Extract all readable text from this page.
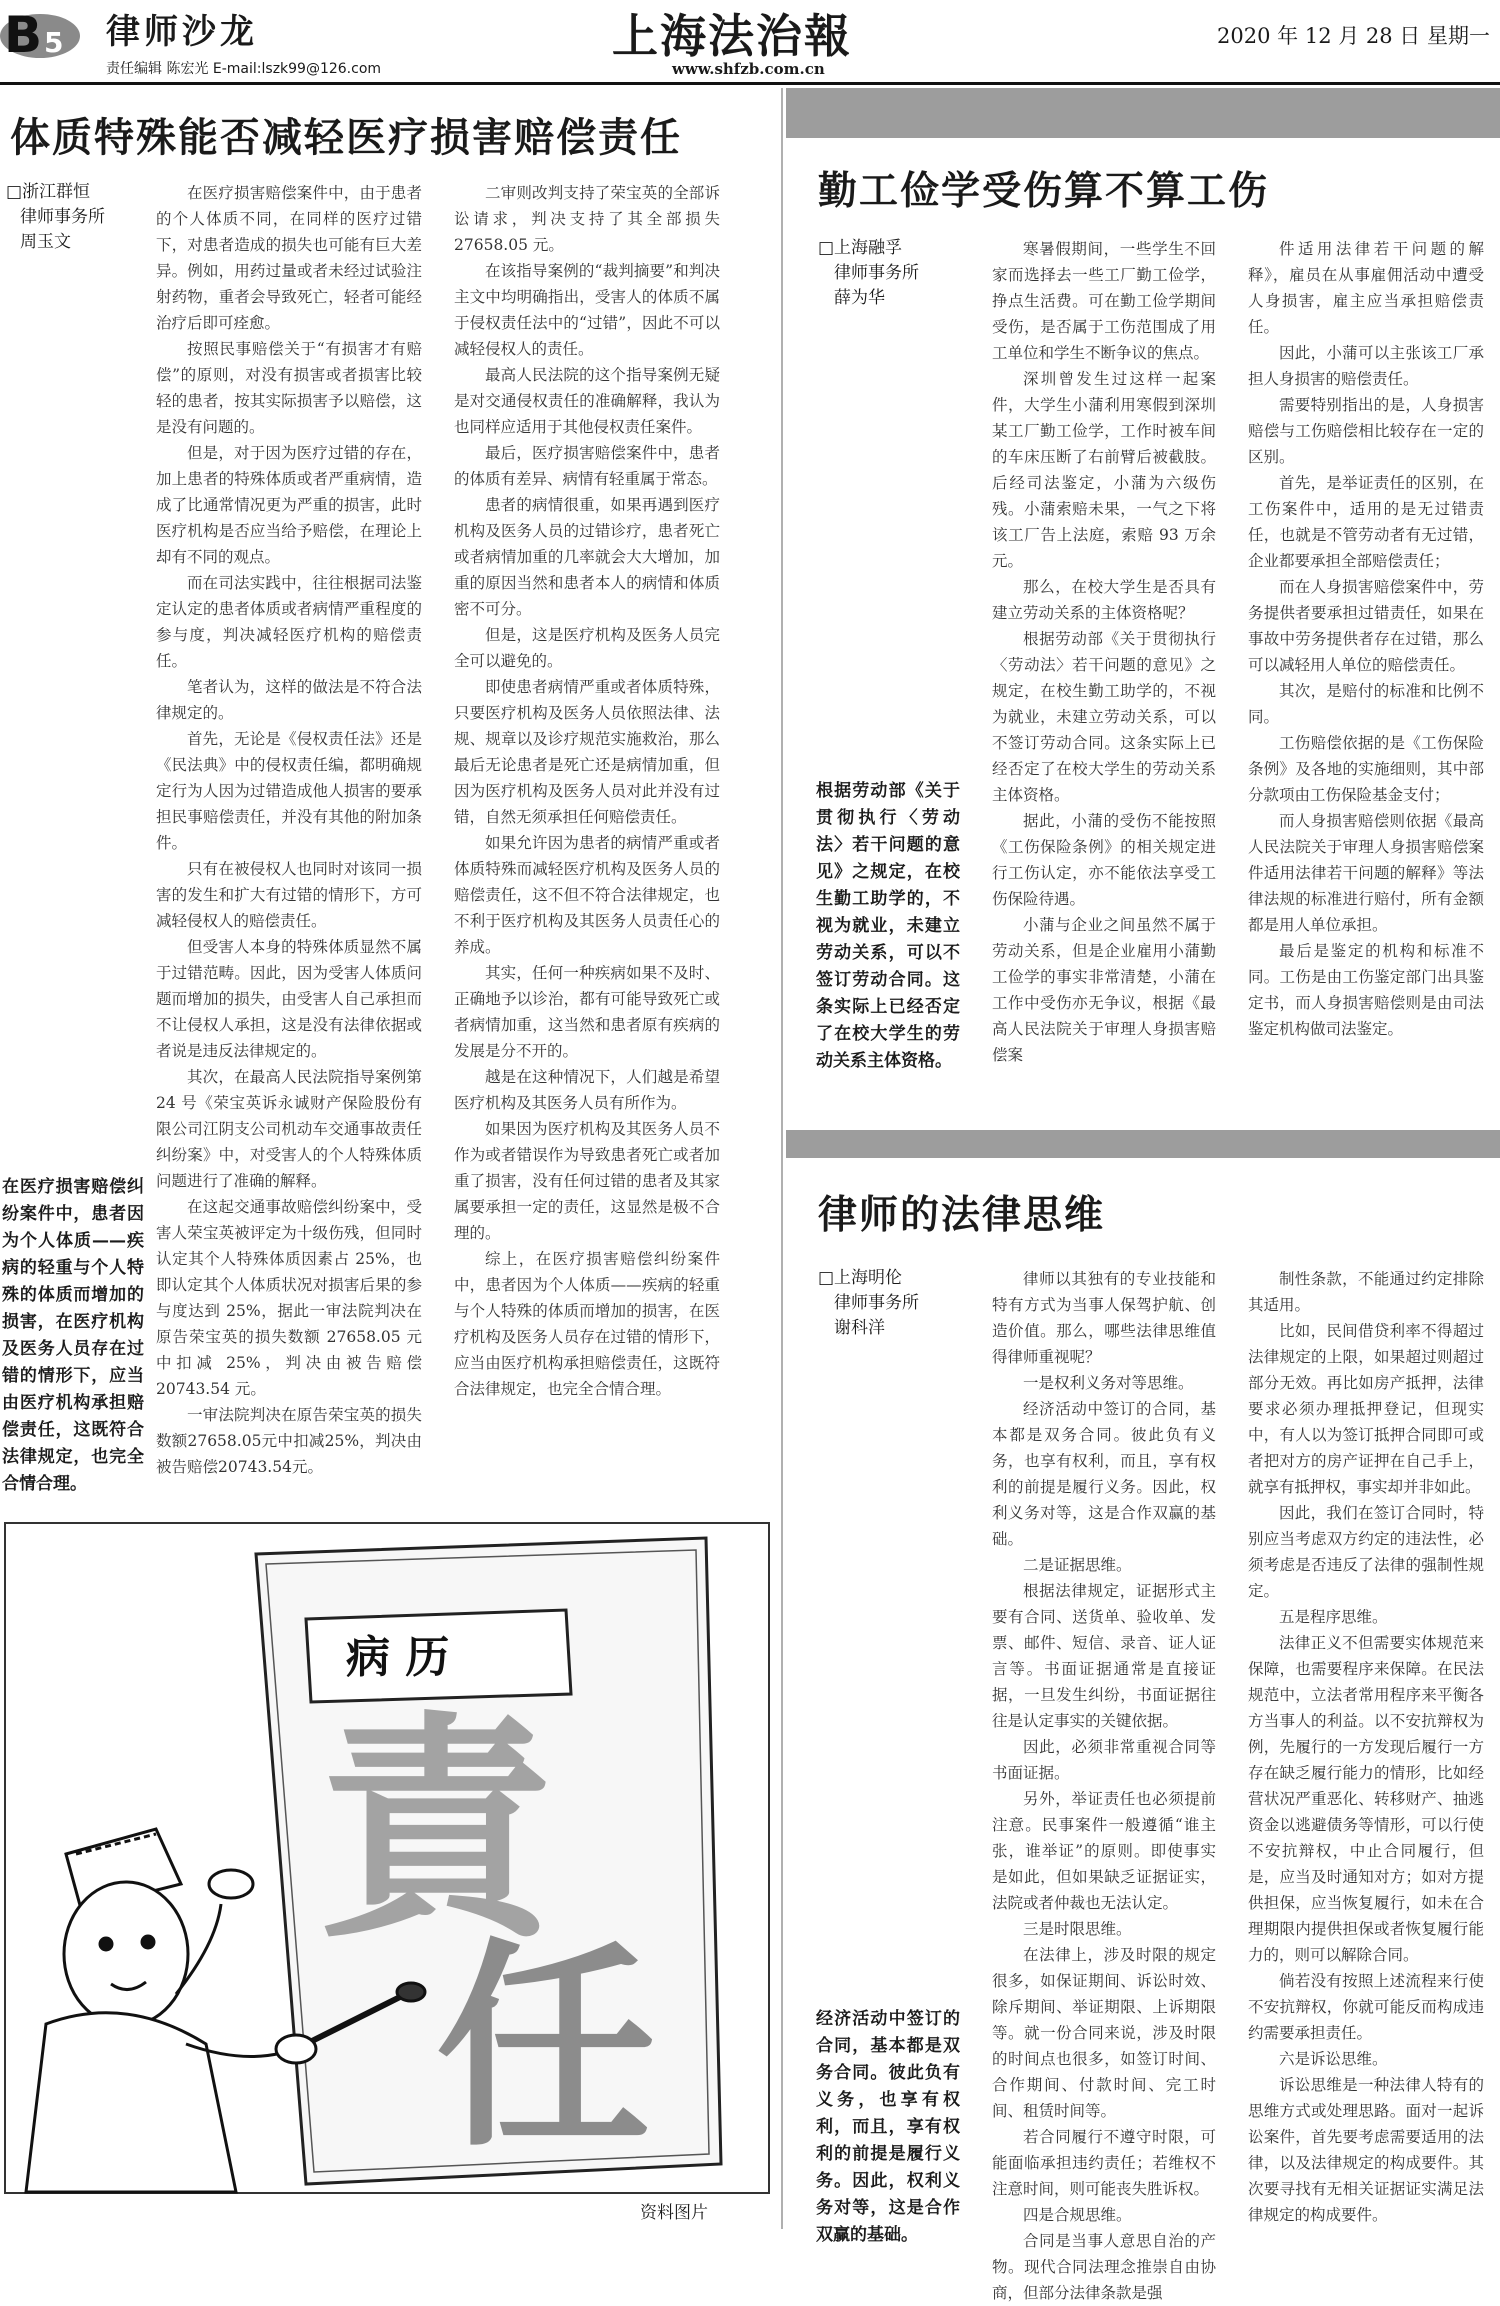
B 5 律师沙龙
责任编辑 陈宏光 E-mail:lszk99@126.com
上海法治報
www.shfzb.com.cn
2020 年 12 月 28 日 星期一
体质特殊能否减轻医疗损害赔偿责任
□浙江群恒
律师事务所
周玉文
在医疗损害赔偿纠纷案件中，患者因为个人体质——疾病的轻重与个人特殊的体质而增加的损害，在医疗机构及医务人员存在过错的情形下，应当由医疗机构承担赔偿责任，这既符合法律规定，也完全合情合理。

在医疗损害赔偿案件中，由于患者的个人体质不同，在同样的医疗过错下，对患者造成的损失也可能有巨大差异。例如，用药过量或者未经过试验注射药物，重者会导致死亡，轻者可能经治疗后即可痊愈。

按照民事赔偿关于“有损害才有赔偿”的原则，对没有损害或者损害比较轻的患者，按其实际损害予以赔偿，这是没有问题的。

但是，对于因为医疗过错的存在，加上患者的特殊体质或者严重病情，造成了比通常情况更为严重的损害，此时医疗机构是否应当给予赔偿，在理论上却有不同的观点。

而在司法实践中，往往根据司法鉴定认定的患者体质或者病情严重程度的参与度，判决减轻医疗机构的赔偿责任。

笔者认为，这样的做法是不符合法律规定的。

首先，无论是《侵权责任法》还是《民法典》中的侵权责任编，都明确规定行为人因为过错造成他人损害的要承担民事赔偿责任，并没有其他的附加条件。

只有在被侵权人也同时对该同一损害的发生和扩大有过错的情形下，方可减轻侵权人的赔偿责任。

但受害人本身的特殊体质显然不属于过错范畴。因此，因为受害人体质问题而增加的损失，由受害人自己承担而不让侵权人承担，这是没有法律依据或者说是违反法律规定的。

其次，在最高人民法院指导案例第 24 号《荣宝英诉永诚财产保险股份有限公司江阴支公司机动车交通事故责任纠纷案》中，对受害人的个人特殊体质问题进行了准确的解释。

在这起交通事故赔偿纠纷案中，受害人荣宝英被评定为十级伤残，但同时认定其个人特殊体质因素占 25%，也即认定其个人体质状况对损害后果的参与度达到 25%，据此一审法院判决在原告荣宝英的损失数额 27658.05 元中扣减 25%，判决由被告赔偿 20743.54 元。

一审法院判决在原告荣宝英的损失数额27658.05元中扣减25%，判决由被告赔偿20743.54元。

二审则改判支持了荣宝英的全部诉讼请求，判决支持了其全部损失 27658.05 元。

在该指导案例的“裁判摘要”和判决主文中均明确指出，受害人的体质不属于侵权责任法中的“过错”，因此不可以减轻侵权人的责任。

最高人民法院的这个指导案例无疑是对交通侵权责任的准确解释，我认为也同样应适用于其他侵权责任案件。

最后，医疗损害赔偿案件中，患者的体质有差异、病情有轻重属于常态。

患者的病情很重，如果再遇到医疗机构及医务人员的过错诊疗，患者死亡或者病情加重的几率就会大大增加，加重的原因当然和患者本人的病情和体质密不可分。

但是，这是医疗机构及医务人员完全可以避免的。

即使患者病情严重或者体质特殊，只要医疗机构及医务人员依照法律、法规、规章以及诊疗规范实施救治，那么最后无论患者是死亡还是病情加重，但因为医疗机构及医务人员对此并没有过错，自然无须承担任何赔偿责任。

如果允许因为患者的病情严重或者体质特殊而减轻医疗机构及医务人员的赔偿责任，这不但不符合法律规定，也不利于医疗机构及其医务人员责任心的养成。

其实，任何一种疾病如果不及时、正确地予以诊治，都有可能导致死亡或者病情加重，这当然和患者原有疾病的发展是分不开的。

越是在这种情况下，人们越是希望医疗机构及其医务人员有所作为。

如果因为医疗机构及其医务人员不作为或者错误作为导致患者死亡或者加重了损害，没有任何过错的患者及其家属要承担一定的责任，这显然是极不合理的。

综上，在医疗损害赔偿纠纷案件中，患者因为个人体质——疾病的轻重与个人特殊的体质而增加的损害，在医疗机构及医务人员存在过错的情形下，应当由医疗机构承担赔偿责任，这既符合法律规定，也完全合情合理。

病 历
責
任
资料图片
勤工俭学受伤算不算工伤
□上海融孚
律师事务所
薛为华
根据劳动部《关于贯彻执行〈劳动法〉若干问题的意见》之规定，在校生勤工助学的，不视为就业，未建立劳动关系，可以不签订劳动合同。这条实际上已经否定了在校大学生的劳动关系主体资格。

寒暑假期间，一些学生不回家而选择去一些工厂勤工俭学，挣点生活费。可在勤工俭学期间受伤，是否属于工伤范围成了用工单位和学生不断争议的焦点。

深圳曾发生过这样一起案件，大学生小蒲利用寒假到深圳某工厂勤工俭学，工作时被车间的车床压断了右前臂后被截肢。后经司法鉴定，小蒲为六级伤残。小蒲索赔未果，一气之下将该工厂告上法庭，索赔 93 万余元。

那么，在校大学生是否具有建立劳动关系的主体资格呢？

根据劳动部《关于贯彻执行〈劳动法〉若干问题的意见》之规定，在校生勤工助学的，不视为就业，未建立劳动关系，可以不签订劳动合同。这条实际上已经否定了在校大学生的劳动关系主体资格。

据此，小蒲的受伤不能按照《工伤保险条例》的相关规定进行工伤认定，亦不能依法享受工伤保险待遇。

小蒲与企业之间虽然不属于劳动关系，但是企业雇用小蒲勤工俭学的事实非常清楚，小蒲在工作中受伤亦无争议，根据《最高人民法院关于审理人身损害赔偿案

件适用法律若干问题的解释》，雇员在从事雇佣活动中遭受人身损害，雇主应当承担赔偿责任。

因此，小蒲可以主张该工厂承担人身损害的赔偿责任。

需要特别指出的是，人身损害赔偿与工伤赔偿相比较存在一定的区别。

首先，是举证责任的区别，在工伤案件中，适用的是无过错责任，也就是不管劳动者有无过错，企业都要承担全部赔偿责任；

而在人身损害赔偿案件中，劳务提供者要承担过错责任，如果在事故中劳务提供者存在过错，那么可以减轻用人单位的赔偿责任。

其次，是赔付的标准和比例不同。

工伤赔偿依据的是《工伤保险条例》及各地的实施细则，其中部分款项由工伤保险基金支付；

而人身损害赔偿则依据《最高人民法院关于审理人身损害赔偿案件适用法律若干问题的解释》等法律法规的标准进行赔付，所有金额都是用人单位承担。

最后是鉴定的机构和标准不同。工伤是由工伤鉴定部门出具鉴定书，而人身损害赔偿则是由司法鉴定机构做司法鉴定。

律师的法律思维
□上海明伦
律师事务所
谢科洋
经济活动中签订的合同，基本都是双务合同。彼此负有义务，也享有权利，而且，享有权利的前提是履行义务。因此，权利义务对等，这是合作双赢的基础。

律师以其独有的专业技能和特有方式为当事人保驾护航、创造价值。那么，哪些法律思维值得律师重视呢？

一是权利义务对等思维。

经济活动中签订的合同，基本都是双务合同。彼此负有义务，也享有权利，而且，享有权利的前提是履行义务。因此，权利义务对等，这是合作双赢的基础。

二是证据思维。

根据法律规定，证据形式主要有合同、送货单、验收单、发票、邮件、短信、录音、证人证言等。书面证据通常是直接证据，一旦发生纠纷，书面证据往往是认定事实的关键依据。

因此，必须非常重视合同等书面证据。

另外，举证责任也必须提前注意。民事案件一般遵循“谁主张，谁举证”的原则。即使事实是如此，但如果缺乏证据证实，法院或者仲裁也无法认定。

三是时限思维。

在法律上，涉及时限的规定很多，如保证期间、诉讼时效、除斥期间、举证期限、上诉期限等。就一份合同来说，涉及时限的时间点也很多，如签订时间、合作期间、付款时间、完工时间、租赁时间等。

若合同履行不遵守时限，可能面临承担违约责任；若维权不注意时间，则可能丧失胜诉权。

四是合规思维。

合同是当事人意思自治的产物。现代合同法理念推崇自由协商，但部分法律条款是强

制性条款，不能通过约定排除其适用。

比如，民间借贷利率不得超过法律规定的上限，如果超过则超过部分无效。再比如房产抵押，法律要求必须办理抵押登记，但现实中，有人以为签订抵押合同即可或者把对方的房产证押在自己手上，就享有抵押权，事实却并非如此。

因此，我们在签订合同时，特别应当考虑双方约定的违法性，必须考虑是否违反了法律的强制性规定。

五是程序思维。

法律正义不但需要实体规范来保障，也需要程序来保障。在民法规范中，立法者常用程序来平衡各方当事人的利益。以不安抗辩权为例，先履行的一方发现后履行一方存在缺乏履行能力的情形，比如经营状况严重恶化、转移财产、抽逃资金以逃避债务等情形，可以行使不安抗辩权，中止合同履行，但是，应当及时通知对方；如对方提供担保，应当恢复履行，如未在合理期限内提供担保或者恢复履行能力的，则可以解除合同。

倘若没有按照上述流程来行使不安抗辩权，你就可能反而构成违约需要承担责任。

六是诉讼思维。

诉讼思维是一种法律人特有的思维方式或处理思路。面对一起诉讼案件，首先要考虑需要适用的法律，以及法律规定的构成要件。其次要寻找有无相关证据证实满足法律规定的构成要件。
